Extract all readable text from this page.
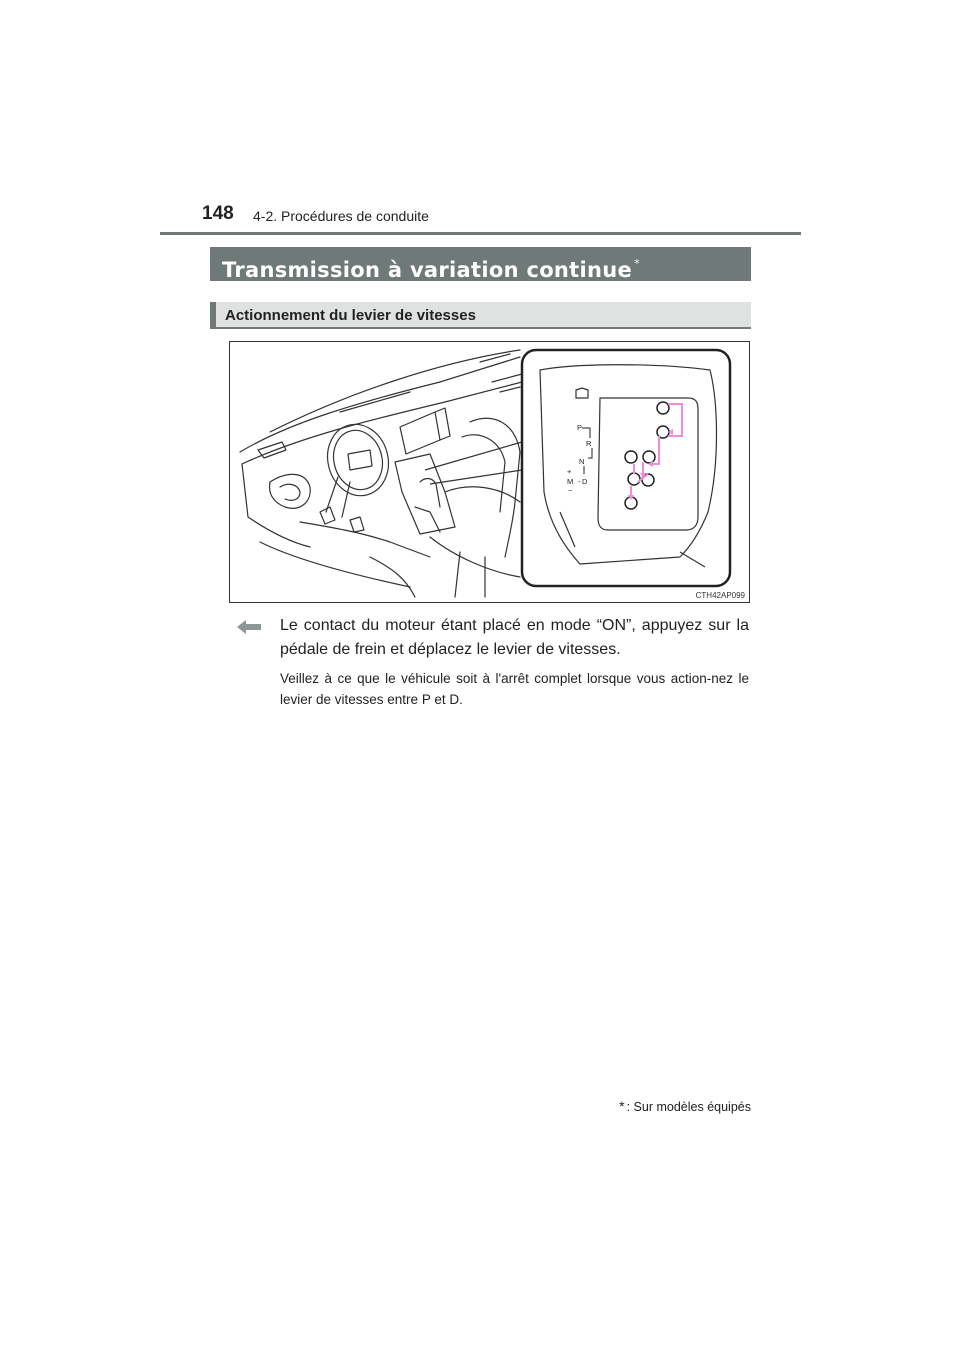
148 4-2. Procédures de conduite
Transmission à variation continue *
Actionnement du levier de vitesses
P
R
N
+
M - D
−
CTH42AP099
Le contact du moteur étant placé en mode “ON”, appuyez sur la pédale de frein et déplacez le levier de vitesses.
Veillez à ce que le véhicule soit à l'arrêt complet lorsque vous action-nez le levier de vitesses entre P et D.
* : Sur modèles équipés
